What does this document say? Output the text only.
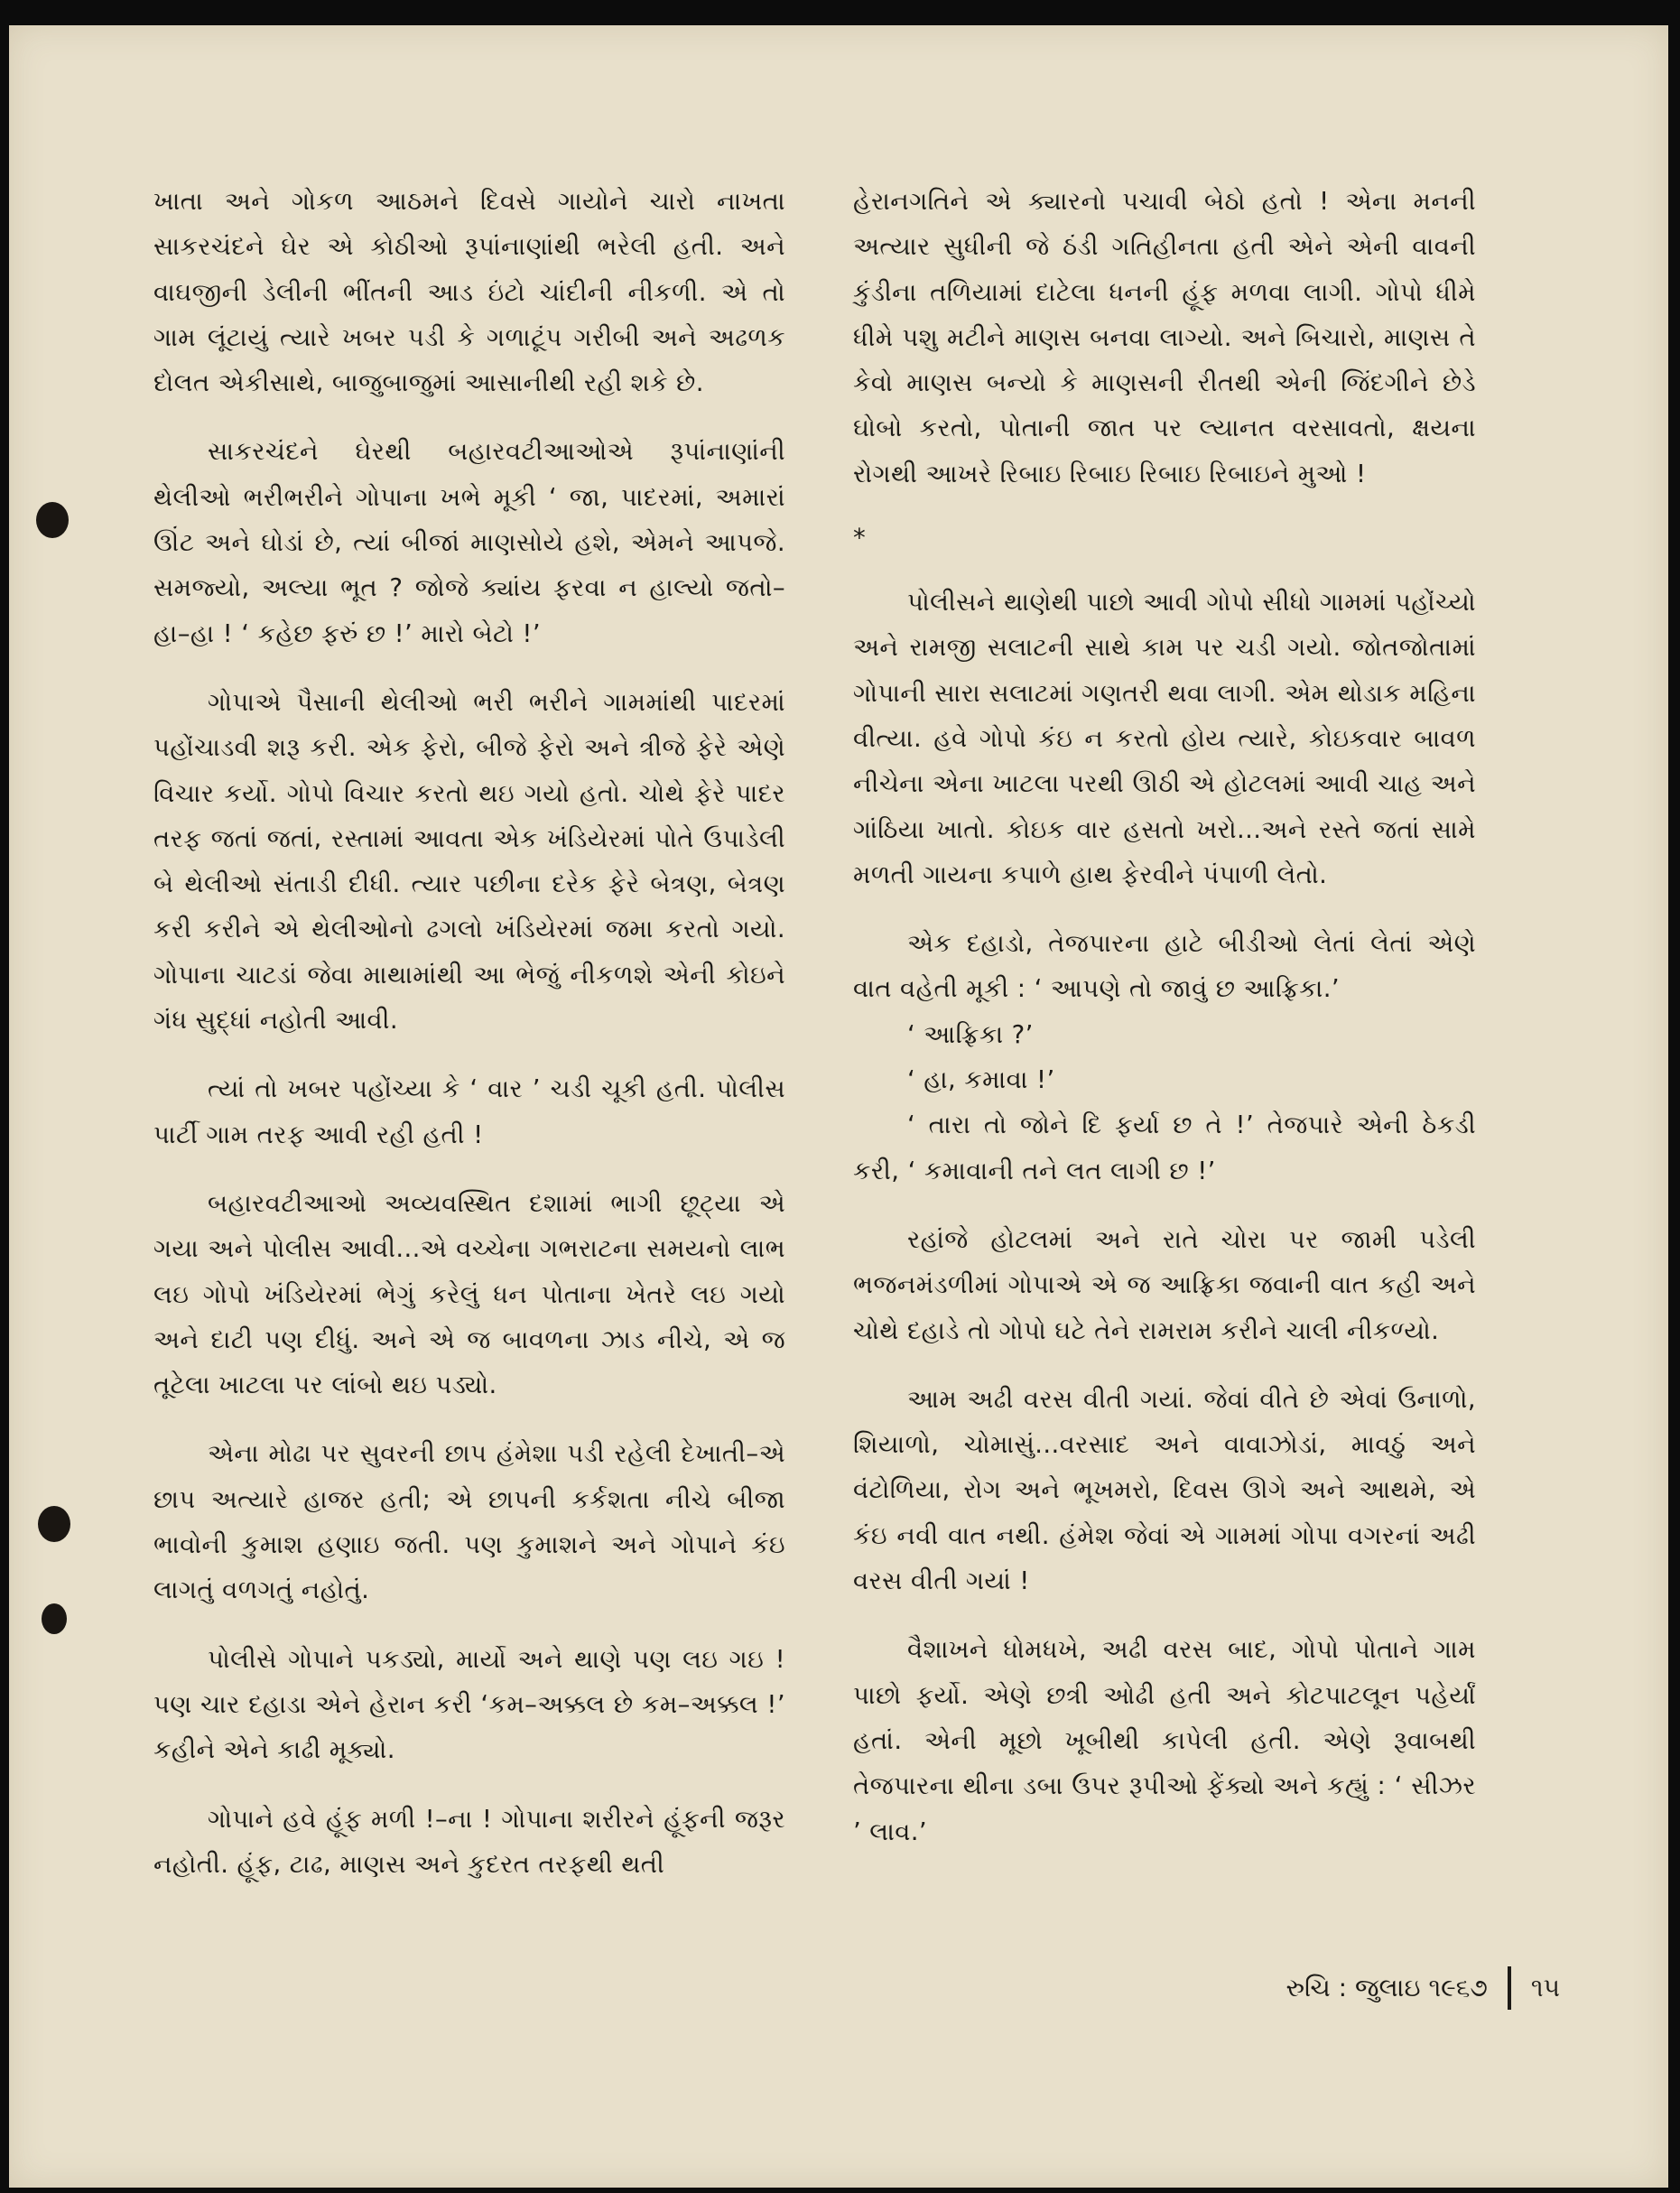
ખાતા અને ગોકળ આઠમને દિવસે ગાયોને ચારો નાખતા સાકરચંદને ઘેર એ કોઠીઓ રૂપાંનાણાંથી ભરેલી હતી. અને વાઘજીની ડેલીની ભીંતની આડ ઇંટો ચાંદીની નીકળી. એ તો ગામ લૂંટાયું ત્યારે ખબર પડી કે ગળાટૂંપ ગરીબી અને અઢળક દોલત એકીસાથે, બાજુબાજુમાં આસાનીથી રહી શકે છે.

સાકરચંદને ઘેરથી બહારવટીઆઓએ રૂપાંનાણાંની થેલીઓ ભરીભરીને ગોપાના ખભે મૂકી ‘ જા, પાદરમાં, અમારાં ઊંટ અને ઘોડાં છે, ત્યાં બીજાં માણસોયે હશે, એમને આપજે. સમજ્યો, અલ્યા ભૂત ? જોજે ક્યાંય ફરવા ન હાલ્યો જતો–હા–હા ! ‘ કહેછ ફરું છ !’ મારો બેટો !’

ગોપાએ પૈસાની થેલીઓ ભરી ભરીને ગામમાંથી પાદરમાં પહોંચાડવી શરૂ કરી. એક ફેરો, બીજે ફેરો અને ત્રીજે ફેરે એણે વિચાર કર્યો. ગોપો વિચાર કરતો થઇ ગયો હતો. ચોથે ફેરે પાદર તરફ જતાં જતાં, રસ્તામાં આવતા એક ખંડિયેરમાં પોતે ઉપાડેલી બે થેલીઓ સંતાડી દીધી. ત્યાર પછીના દરેક ફેરે બેત્રણ, બેત્રણ કરી કરીને એ થેલીઓનો ઢગલો ખંડિયેરમાં જમા કરતો ગયો. ગોપાના ચાટડાં જેવા માથામાંથી આ ભેજું નીકળશે એની કોઇને ગંધ સુદ્ધાં નહોતી આવી.

ત્યાં તો ખબર પહોંચ્યા કે ‘ વાર ’ ચડી ચૂકી હતી. પોલીસ પાર્ટી ગામ તરફ આવી રહી હતી !

બહારવટીઆઓ અવ્યવસ્થિત દશામાં ભાગી છૂટ્યા એ ગયા અને પોલીસ આવી...એ વચ્ચેના ગભરાટના સમયનો લાભ લઇ ગોપો ખંડિયેરમાં ભેગું કરેલું ધન પોતાના ખેતરે લઇ ગયો અને દાટી પણ દીધું. અને એ જ બાવળના ઝાડ નીચે, એ જ તૂટેલા ખાટલા પર લાંબો થઇ પડ્યો.

એના મોઢા પર સુવરની છાપ હંમેશા પડી રહેલી દેખાતી–એ છાપ અત્યારે હાજર હતી; એ છાપની કર્કશતા નીચે બીજા ભાવોની કુમાશ હણાઇ જતી. પણ કુમાશને અને ગોપાને કંઇ લાગતું વળગતું નહોતું.

પોલીસે ગોપાને પકડ્યો, માર્યો અને થાણે પણ લઇ ગઇ ! પણ ચાર દહાડા એને હેરાન કરી ‘કમ–અક્કલ છે કમ–અક્કલ !’ કહીને એને કાઢી મૂક્યો.

ગોપાને હવે હૂંફ મળી !–ના ! ગોપાના શરીરને હૂંફની જરૂર નહોતી. હૂંફ, ટાઢ, માણસ અને કુદરત તરફથી થતી

હેરાનગતિને એ ક્યારનો પચાવી બેઠો હતો ! એના મનની અત્યાર સુધીની જે ઠંડી ગતિહીનતા હતી એને એની વાવની કુંડીના તળિયામાં દાટેલા ધનની હૂંફ મળવા લાગી. ગોપો ધીમે ધીમે પશુ મટીને માણસ બનવા લાગ્યો. અને બિચારો, માણસ તે કેવો માણસ બન્યો કે માણસની રીતથી એની જિંદગીને છેડે ઘોબો કરતો, પોતાની જાત પર લ્યાનત વરસાવતો, ક્ષયના રોગથી આખરે રિબાઇ રિબાઇ રિબાઇ રિબાઇને મુઓ !

*

પોલીસને થાણેથી પાછો આવી ગોપો સીધો ગામમાં પહોંચ્યો અને રામજી સલાટની સાથે કામ પર ચડી ગયો. જોતજોતામાં ગોપાની સારા સલાટમાં ગણતરી થવા લાગી. એમ થોડાક મહિના વીત્યા. હવે ગોપો કંઇ ન કરતો હોય ત્યારે, કોઇકવાર બાવળ નીચેના એના ખાટલા પરથી ઊઠી એ હોટલમાં આવી ચાહ અને ગાંઠિયા ખાતો. કોઇક વાર હસતો ખરો...અને રસ્તે જતાં સામે મળતી ગાયના કપાળે હાથ ફેરવીને પંપાળી લેતો.

એક દહાડો, તેજપારના હાટે બીડીઓ લેતાં લેતાં એણે વાત વહેતી મૂકી : ‘ આપણે તો જાવું છ આફ્રિકા.’

‘ આફ્રિકા ?’

‘ હા, કમાવા !’

‘ તારા તો જોને દિ ફર્યા છ તે !’ તેજપારે એની ઠેકડી કરી, ‘ કમાવાની તને લત લાગી છ !’

રહાંજે હોટલમાં અને રાતે ચોરા પર જામી પડેલી ભજનમંડળીમાં ગોપાએ એ જ આફ્રિકા જવાની વાત કહી અને ચોથે દહાડે તો ગોપો ઘટે તેને રામરામ કરીને ચાલી નીકળ્યો.

આમ અઢી વરસ વીતી ગયાં. જેવાં વીતે છે એવાં ઉનાળો, શિયાળો, ચોમાસું...વરસાદ અને વાવાઝોડાં, માવઠું અને વંટોળિયા, રોગ અને ભૂખમરો, દિવસ ઊગે અને આથમે, એ કંઇ નવી વાત નથી. હંમેશ જેવાં એ ગામમાં ગોપા વગરનાં અઢી વરસ વીતી ગયાં !

વૈશાખને ધોમધખે, અઢી વરસ બાદ, ગોપો પોતાને ગામ પાછો ફર્યો. એણે છત્રી ઓઢી હતી અને કોટપાટલૂન પહેર્યાં હતાં. એની મૂછો ખૂબીથી કાપેલી હતી. એણે રૂવાબથી તેજપારના થીના ડબા ઉપર રૂપીઓ ફેંક્યો અને કહ્યું : ‘ સીઝર ’ લાવ.’

રુચિ : જુલાઇ ૧૯૬૭ ૧૫
